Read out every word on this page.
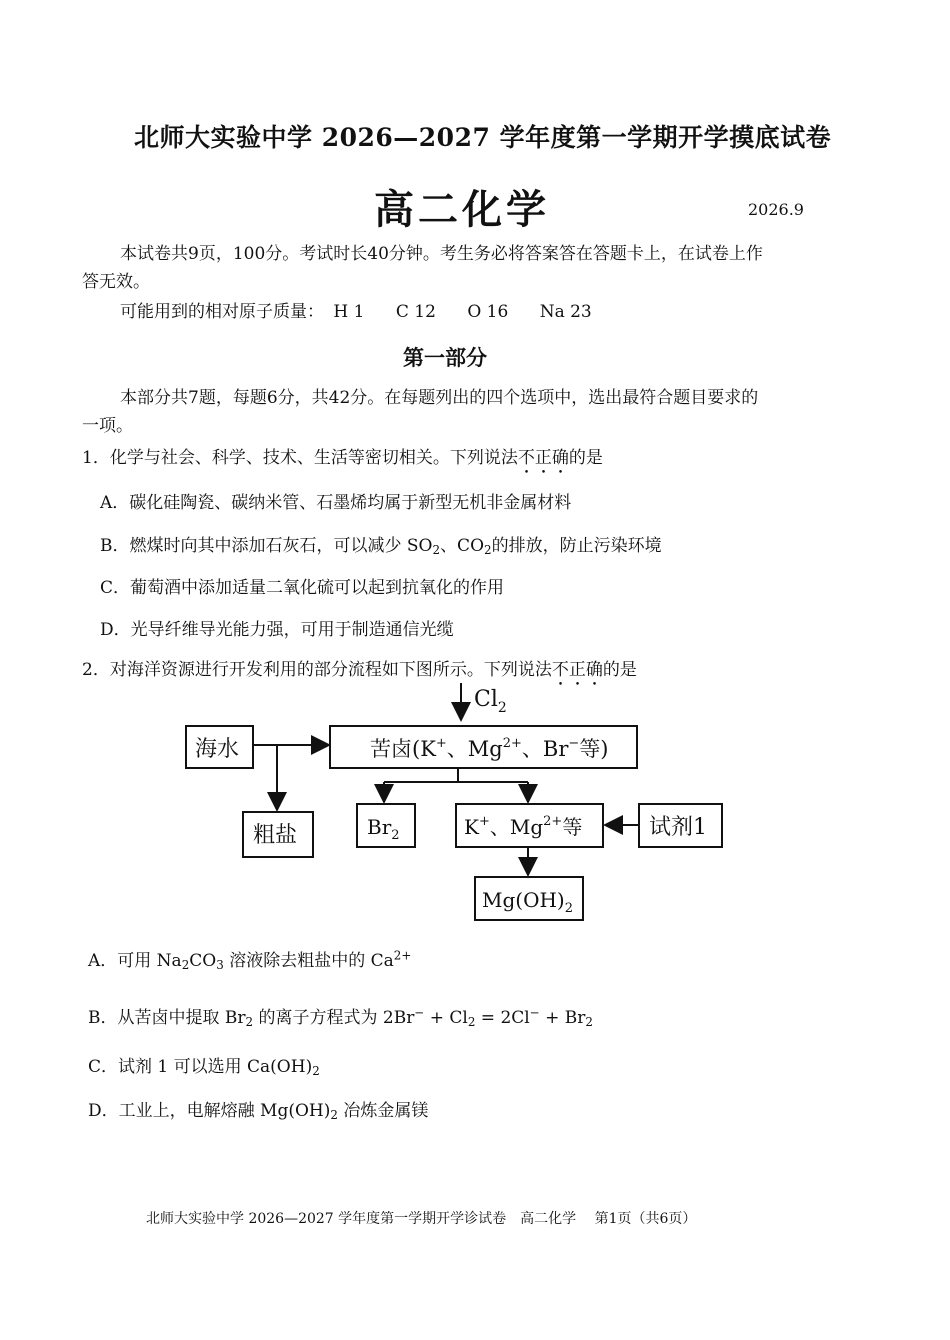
北师大实验中学 2026—2027 学年度第一学期开学摸底试卷
高二化学	2026.9
本试卷共9页，100分。考试时长40分钟。考生务必将答案答在答题卡上，在试卷上作
答无效。
可能用到的相对原子质量： H 1 C 12 O 16 Na 23
第一部分
本部分共7题，每题6分，共42分。在每题列出的四个选项中，选出最符合题目要求的
一项。
1．化学与社会、科学、技术、生活等密切相关。下列说法不正确的是
A．碳化硅陶瓷、碳纳米管、石墨烯均属于新型无机非金属材料
B．燃煤时向其中添加石灰石，可以减少 $SO_2$、$CO_2$的排放，防止污染环境
C．葡萄酒中添加适量二氧化硫可以起到抗氧化的作用
D．光导纤维导光能力强，可用于制造通信光缆
2．对海洋资源进行开发利用的部分流程如下图所示。下列说法不正确的是
$Cl_2$
海水	苦卤(K+、$Mg^{2+}$、Br−等)
粗盐	$Br_2$	K+、$Mg^{2+}$等	试剂1
$Mg(OH)_2$
A．可用 $Na_2CO_3$ 溶液除去粗盐中的 $Ca^{2+}$
B．从苦卤中提取 $Br_2$ 的离子方程式为 $2Br^- + Cl_2 = 2Cl^- + Br_2$
C．试剂 1 可以选用 $Ca(OH)_2$
D．工业上，电解熔融 $Mg(OH)_2$ 冶炼金属镁
北师大实验中学 2026—2027 学年度第一学期开学诊试卷　高二化学　 第1页（共6页）
